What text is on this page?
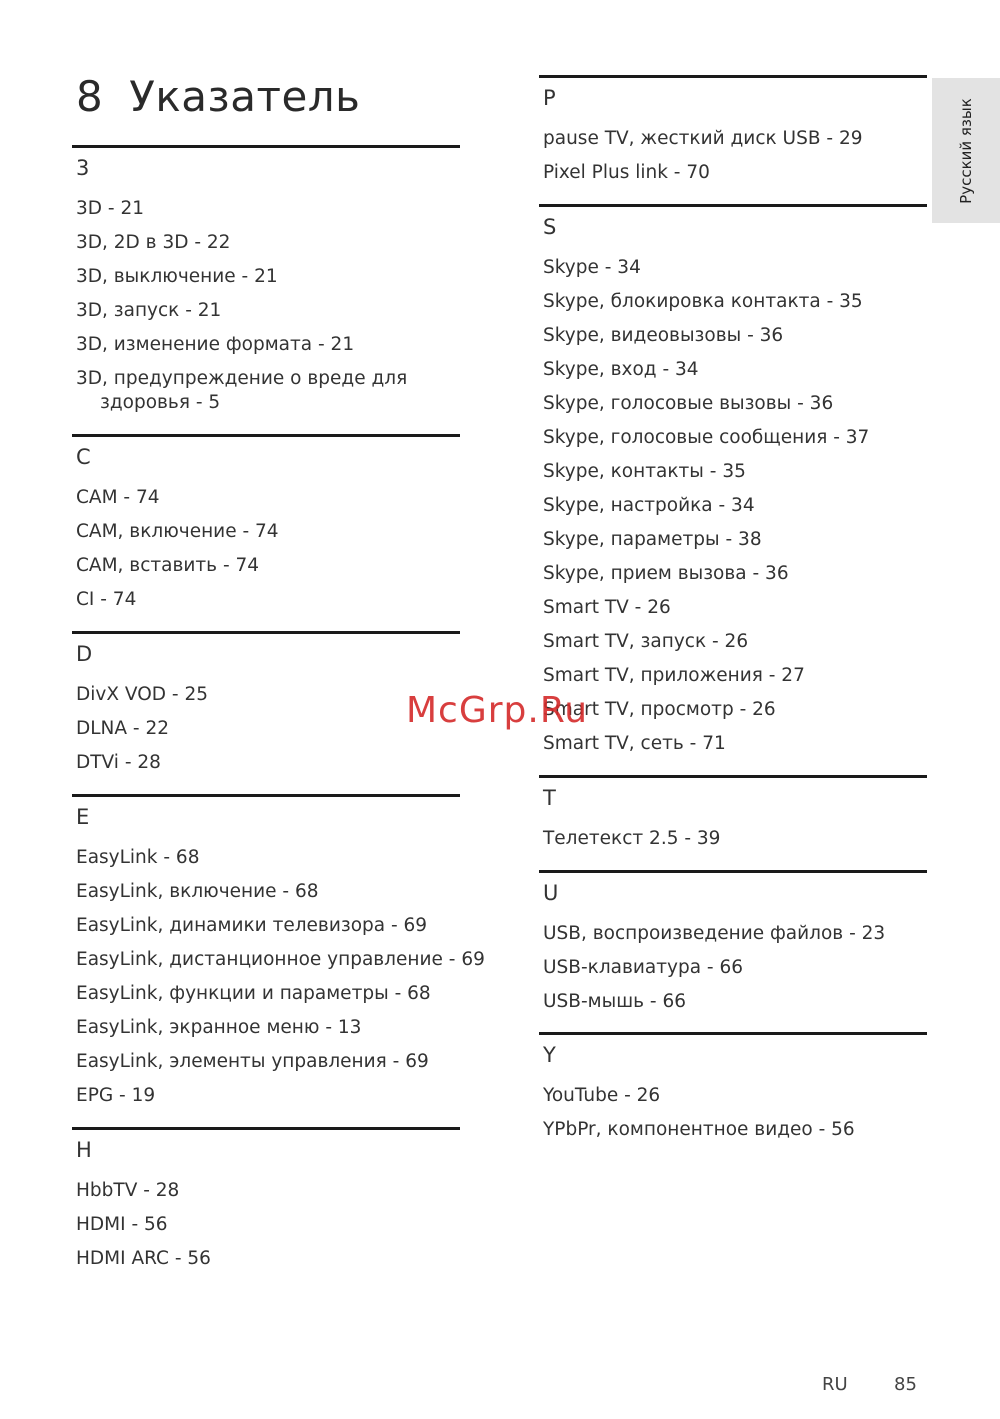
8 Указатель
Русский язык
3
3D - 21
3D, 2D в 3D - 22
3D, выключение - 21
3D, запуск - 21
3D, изменение формата - 21
3D, предупреждение о вреде для
здоровья - 5
C
CAM - 74
CAM, включение - 74
CAM, вставить - 74
CI - 74
D
DivX VOD - 25
DLNA - 22
DTVi - 28
E
EasyLink - 68
EasyLink, включение - 68
EasyLink, динамики телевизора - 69
EasyLink, дистанционное управление - 69
EasyLink, функции и параметры - 68
EasyLink, экранное меню - 13
EasyLink, элементы управления - 69
EPG - 19
H
HbbTV - 28
HDMI - 56
HDMI ARC - 56
P
pause TV, жесткий диск USB - 29
Pixel Plus link - 70
S
Skype - 34
Skype, блокировка контакта - 35
Skype, видеовызовы - 36
Skype, вход - 34
Skype, голосовые вызовы - 36
Skype, голосовые сообщения - 37
Skype, контакты - 35
Skype, настройка - 34
Skype, параметры - 38
Skype, прием вызова - 36
Smart TV - 26
Smart TV, запуск - 26
Smart TV, приложения - 27
Smart TV, просмотр - 26
Smart TV, сеть - 71
T
Телетекст 2.5 - 39
U
USB, воспроизведение файлов - 23
USB-клавиатура - 66
USB-мышь - 66
Y
YouTube - 26
YPbPr, компонентное видео - 56
McGrp.Ru
RU	85
